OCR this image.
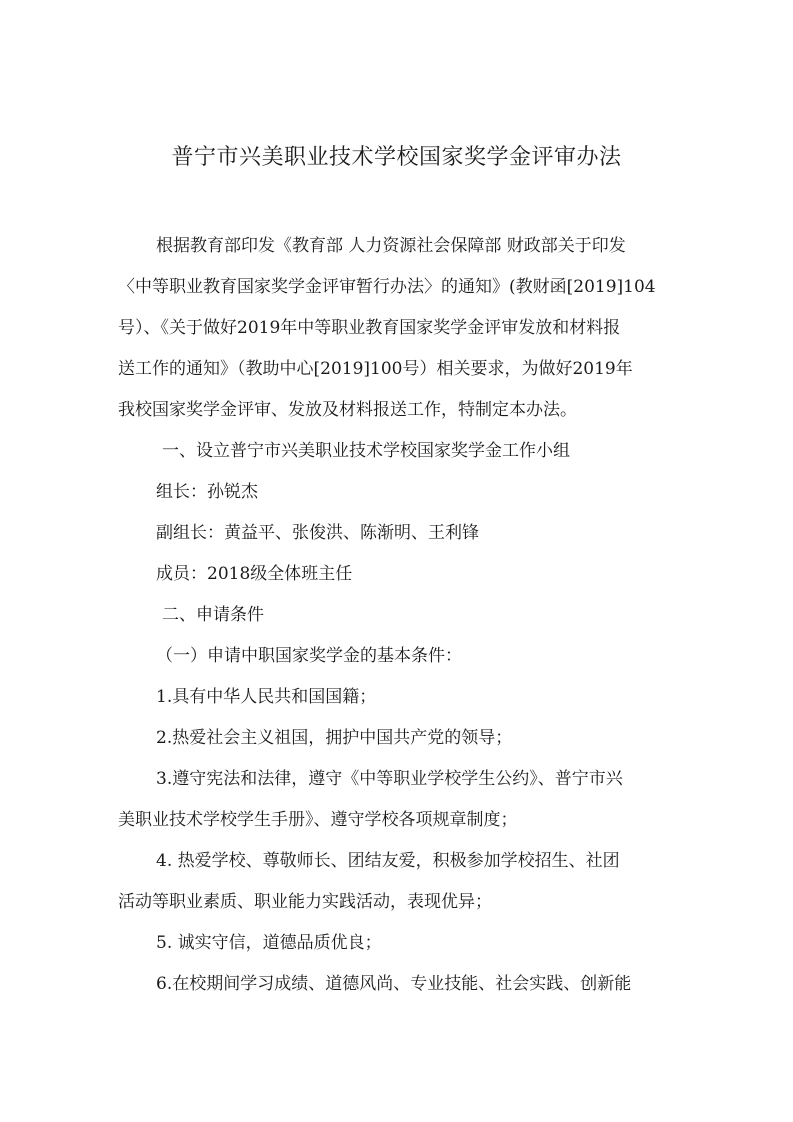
普宁市兴美职业技术学校国家奖学金评审办法

根据教育部印发《教育部 人力资源社会保障部 财政部关于印发

〈中等职业教育国家奖学金评审暂行办法〉的通知》(教财函[2019]104

号）、《关于做好2019年中等职业教育国家奖学金评审发放和材料报

送工作的通知》（教助中心[2019]100号）相关要求，为做好2019年

我校国家奖学金评审、发放及材料报送工作，特制定本办法。

一、设立普宁市兴美职业技术学校国家奖学金工作小组

组长：孙锐杰

副组长：黄益平、张俊洪、陈渐明、王利锋

成员：2018级全体班主任

二、申请条件

（一）申请中职国家奖学金的基本条件：

1.具有中华人民共和国国籍；

2.热爱社会主义祖国，拥护中国共产党的领导；

3.遵守宪法和法律，遵守《中等职业学校学生公约》、普宁市兴

美职业技术学校学生手册》、遵守学校各项规章制度；

4. 热爱学校、尊敬师长、团结友爱，积极参加学校招生、社团

活动等职业素质、职业能力实践活动，表现优异；

5. 诚实守信，道德品质优良；

6.在校期间学习成绩、道德风尚、专业技能、社会实践、创新能
